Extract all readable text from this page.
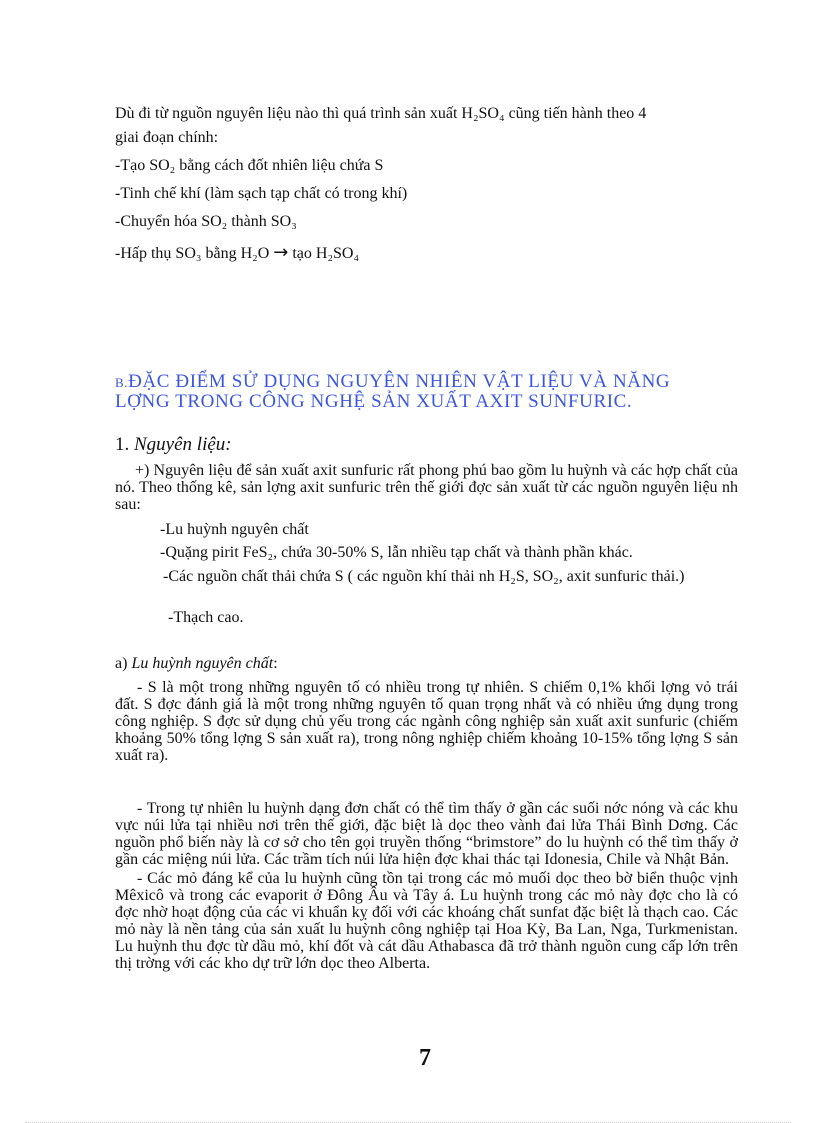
Dù đi từ nguồn nguyên liệu nào thì quá trình sản xuất H₂SO₄ cũng tiến hành theo 4
giai đoạn chính:
-Tạo SO₂ bằng cách đốt nhiên liệu chứa S
-Tinh chế khí (làm sạch tạp chất có trong khí)
-Chuyển hóa SO₂ thành SO₃
-Hấp thụ SO₃ bằng H₂O → tạo H₂SO₄
B.ĐẶC ĐIỂM SỬ DỤNG NGUYÊN NHIÊN VẬT LIỆU VÀ NĂNG
LỢNG TRONG CÔNG NGHỆ SẢN XUẤT AXIT SUNFURIC.
1. Nguyên liệu:
+) Nguyên liệu để sản xuất axit sunfuric rất phong phú bao gồm lu huỳnh và các hợp chất của nó. Theo thống kê, sản lợng axit sunfuric trên thế giới đợc sản xuất từ các nguồn nguyên liệu nh sau:
-Lu huỳnh nguyên chất
-Quặng pirit FeS₂, chứa 30-50% S, lẫn nhiều tạp chất và thành phần khác.
-Các nguồn chất thải chứa S ( các nguồn khí thải nh H₂S, SO₂, axit sunfuric thải.)
-Thạch cao.
a) Lu huỳnh nguyên chất:
- S là một trong những nguyên tố có nhiều trong tự nhiên. S chiếm 0,1% khối lợng vỏ trái đất. S đợc đánh giá là một trong những nguyên tố quan trọng nhất và có nhiều ứng dụng trong công nghiệp. S đợc sử dụng chủ yếu trong các ngành công nghiệp sản xuất axit sunfuric (chiếm khoảng 50% tổng lợng S sản xuất ra), trong nông nghiệp chiếm khoảng 10-15% tổng lợng S sản xuất ra).
- Trong tự nhiên lu huỳnh dạng đơn chất có thể tìm thấy ở gần các suối nớc nóng và các khu vực núi lửa tại nhiều nơi trên thế giới, đặc biệt là dọc theo vành đai lửa Thái Bình Dơng. Các nguồn phổ biến này là cơ sở cho tên gọi truyền thống “brimstore” do lu huỳnh có thể tìm thấy ở gần các miệng núi lửa. Các trầm tích núi lửa hiện đợc khai thác tại Idonesia, Chile và Nhật Bản.
- Các mỏ đáng kể của lu huỳnh cũng tồn tại trong các mỏ muối dọc theo bờ biển thuộc vịnh Mêxicô và trong các evaporit ở Đông Âu và Tây á. Lu huỳnh trong các mỏ này đợc cho là có đợc nhờ hoạt động của các vi khuẩn kỵ đối với các khoáng chất sunfat đặc biệt là thạch cao. Các mỏ này là nền tảng của sản xuất lu huỳnh công nghiệp tại Hoa Kỳ, Ba Lan, Nga, Turkmenistan. Lu huỳnh thu đợc từ dầu mỏ, khí đốt và cát dầu Athabasca đã trở thành nguồn cung cấp lớn trên thị trờng với các kho dự trữ lớn dọc theo Alberta.
7
